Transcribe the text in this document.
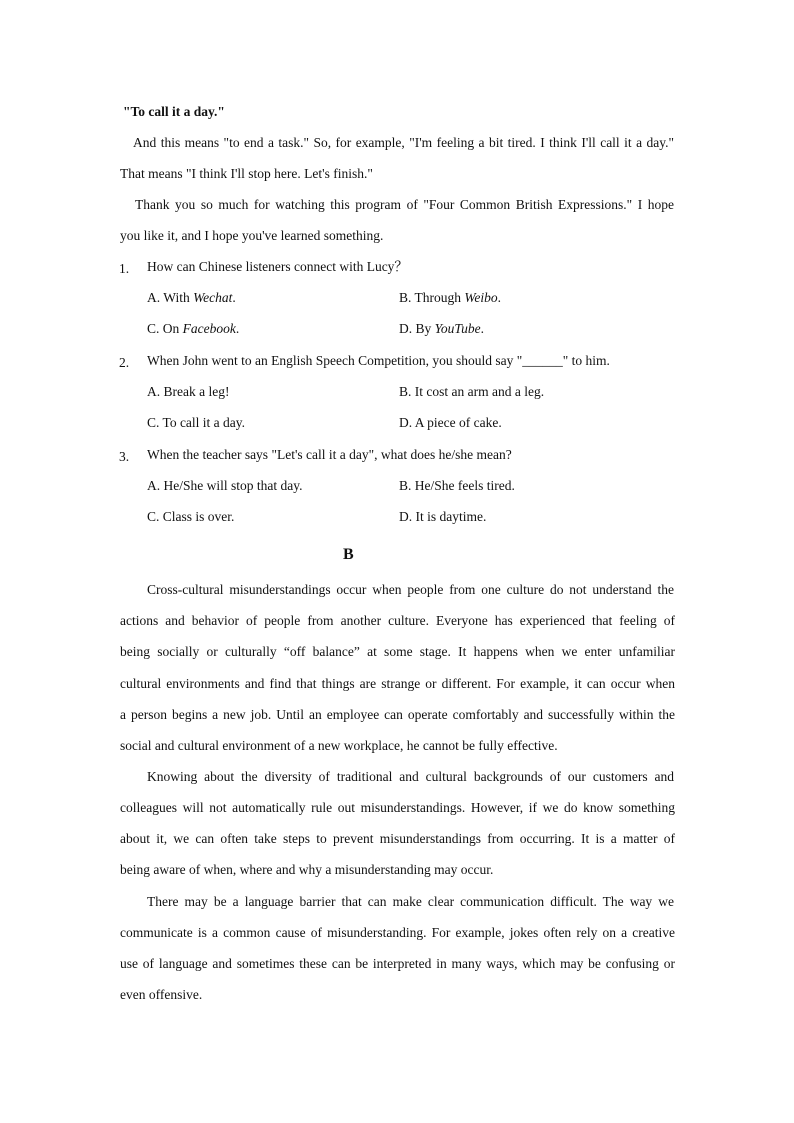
"To call it a day."
And this means "to end a task." So, for example, "I'm feeling a bit tired. I think I'll call it a day."
That means "I think I'll stop here. Let's finish."
Thank you so much for watching this program of "Four Common British Expressions." I hope
you like it, and I hope you've learned something.
1. How can Chinese listeners connect with Lucy？
A. With Wechat.	B. Through Weibo.
C. On Facebook.	D. By YouTube.
2. When John went to an English Speech Competition, you should say "______" to him.
A. Break a leg!	B. It cost an arm and a leg.
C. To call it a day.	D. A piece of cake.
3. When the teacher says "Let's call it a day", what does he/she mean?
A. He/She will stop that day.	B. He/She feels tired.
C. Class is over.	D. It is daytime.
B
Cross-cultural misunderstandings occur when people from one culture do not understand the
actions and behavior of people from another culture. Everyone has experienced that feeling of
being socially or culturally “off balance” at some stage. It happens when we enter unfamiliar
cultural environments and find that things are strange or different. For example, it can occur when
a person begins a new job. Until an employee can operate comfortably and successfully within the
social and cultural environment of a new workplace, he cannot be fully effective.
Knowing about the diversity of traditional and cultural backgrounds of our customers and
colleagues will not automatically rule out misunderstandings. However, if we do know something
about it, we can often take steps to prevent misunderstandings from occurring. It is a matter of
being aware of when, where and why a misunderstanding may occur.
There may be a language barrier that can make clear communication difficult. The way we
communicate is a common cause of misunderstanding. For example, jokes often rely on a creative
use of language and sometimes these can be interpreted in many ways, which may be confusing or
even offensive.
